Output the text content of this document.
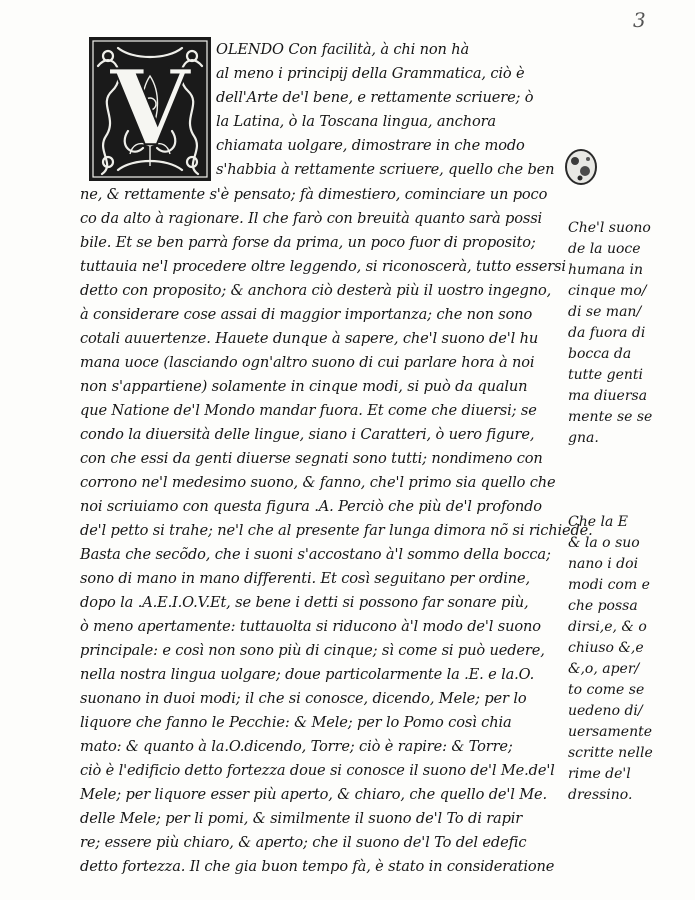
3
V OLENDO Con facilità, à chi non hà
al meno i principij della Grammatica, ciò è
dell'Arte de'l bene, e rettamente scriuere; ò
la Latina, ò la Toscana lingua, anchora
chiamata uolgare, dimostrare in che modo
s'habbia à rettamente scriuere, quello che ben
ne, & rettamente s'è pensato; fà dimestiero, cominciare un poco
co da alto à ragionare. Il che farò con breuità quanto sarà possi
bile. Et se ben parrà forse da prima, un poco fuor di proposito;
tuttauia ne'l procedere oltre leggendo, si riconoscerà, tutto essersi
detto con proposito; & anchora ciò desterà più il uostro ingegno,
à considerare cose assai di maggior importanza; che non sono
cotali auuertenze. Hauete dunque à sapere, che'l suono de'l hu
mana uoce (lasciando ogn'altro suono di cui parlare hora à noi
non s'appartiene) solamente in cinque modi, si può da qualun
que Natione de'l Mondo mandar fuora. Et come che diuersi; se
condo la diuersità delle lingue, siano i Caratteri, ò uero figure,
con che essi da genti diuerse segnati sono tutti; nondimeno con
corrono ne'l medesimo suono, & fanno, che'l primo sia quello che
noi scriuiamo con questa figura .A. Perciò che più de'l profondo
de'l petto si trahe; ne'l che al presente far lunga dimora nõ si richiede.
Basta che secõdo, che i suoni s'accostano à'l sommo della bocca;
sono di mano in mano differenti. Et così seguitano per ordine,
dopo la .A.E.I.O.V.Et, se bene i detti si possono far sonare più,
ò meno apertamente: tuttauolta si riducono à'l modo de'l suono
principale: e così non sono più di cinque; sì come si può uedere,
nella nostra lingua uolgare; doue particolarmente la .E. e la.O.
suonano in duoi modi; il che si conosce, dicendo, Mele; per lo
liquore che fanno le Pecchie: & Mele; per lo Pomo così chia
mato: & quanto à la.O.dicendo, Torre; ciò è rapire: & Torre;
ciò è l'edificio detto fortezza doue si conosce il suono de'l Me.de'l
Mele; per liquore esser più aperto, & chiaro, che quello de'l Me.
delle Mele; per li pomi, & similmente il suono de'l To di rapir
re; essere più chiaro, & aperto; che il suono de'l To del edefic
detto fortezza. Il che gia buon tempo fà, è stato in consideratione
Che'l suono
de la uoce
humana in
cinque mo/
di se man/
da fuora di
bocca da
tutte genti
ma diuersa
mente se se
gna.
Che la E
& la o suo
nano i doi
modi com e
che possa
dirsi,e, & o
chiuso &,e
&,o, aper/
to come se
uedeno di/
uersamente
scritte nelle
rime de'l
dressino.
